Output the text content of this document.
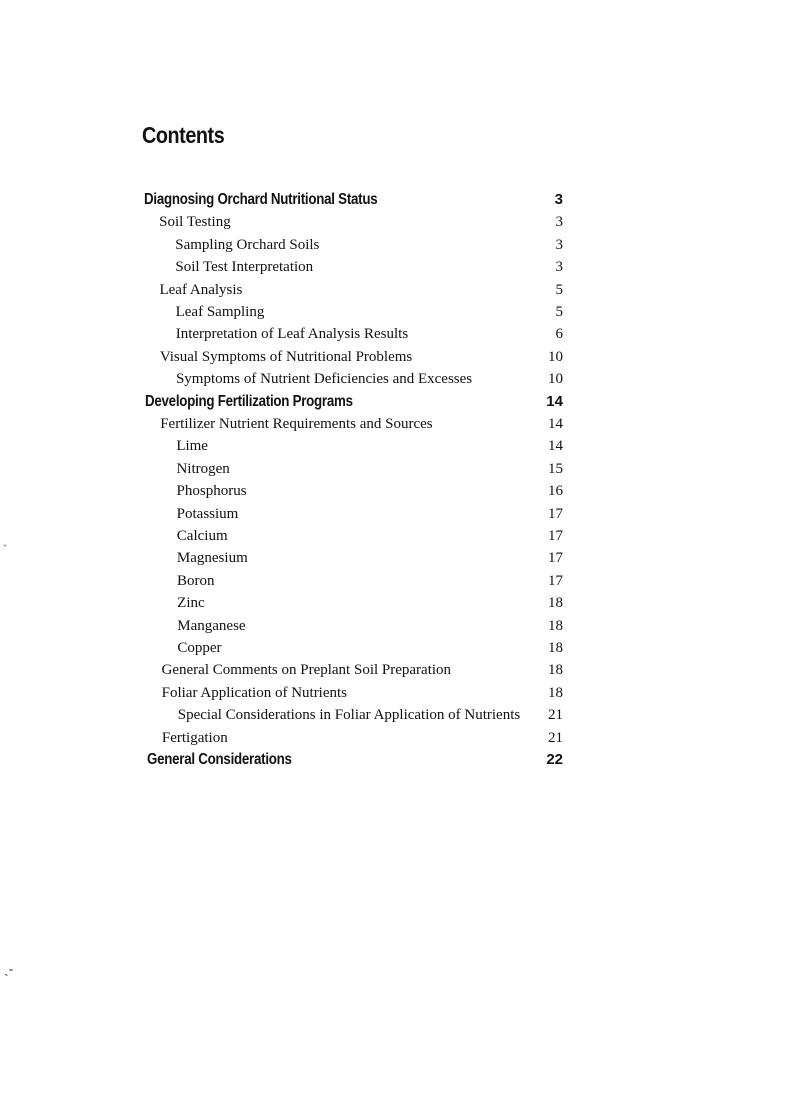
Contents
Diagnosing Orchard Nutritional Status	3
Soil Testing	3
Sampling Orchard Soils	3
Soil Test Interpretation	3
Leaf Analysis	5
Leaf Sampling	5
Interpretation of Leaf Analysis Results	6
Visual Symptoms of Nutritional Problems	10
Symptoms of Nutrient Deficiencies and Excesses	10
Developing Fertilization Programs	14
Fertilizer Nutrient Requirements and Sources	14
Lime	14
Nitrogen	15
Phosphorus	16
Potassium	17
Calcium	17
Magnesium	17
Boron	17
Zinc	18
Manganese	18
Copper	18
General Comments on Preplant Soil Preparation	18
Foliar Application of Nutrients	18
Special Considerations in Foliar Application of Nutrients 21
Fertigation	21
General Considerations	22
ˎ
ˎ‐
